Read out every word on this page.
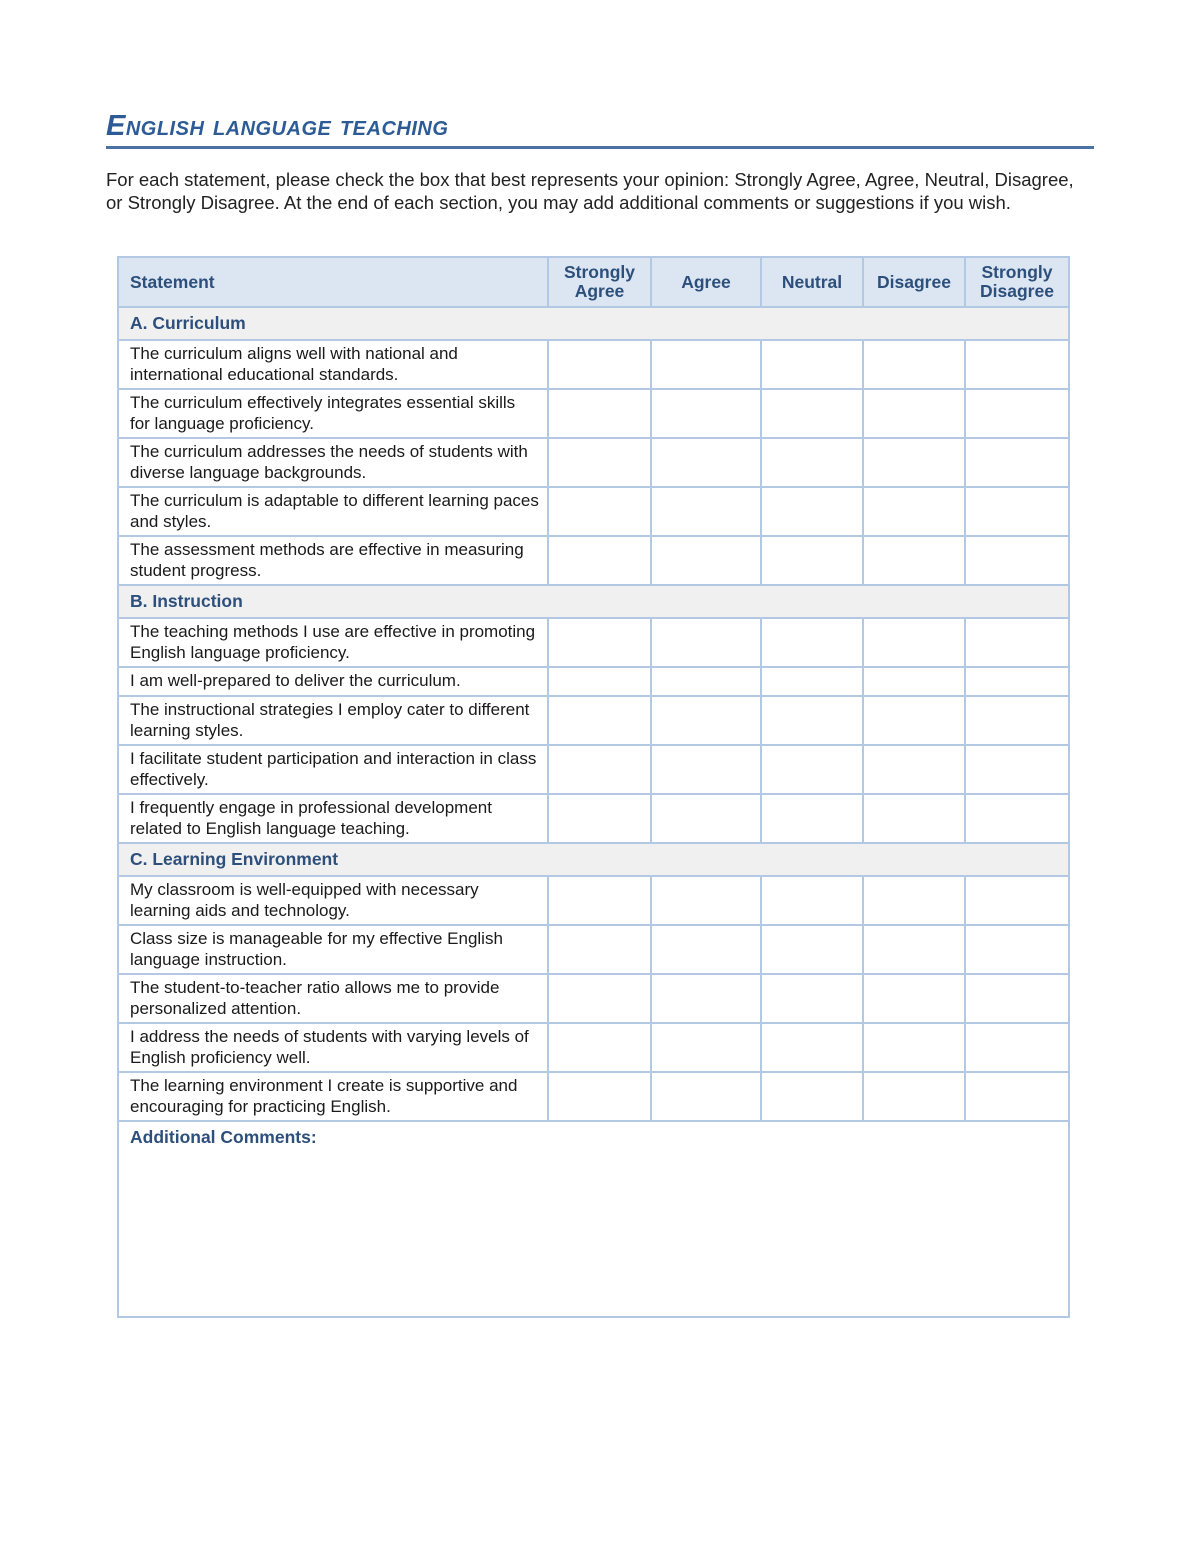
English language teaching

For each statement, please check the box that best represents your opinion: Strongly Agree, Agree, Neutral, Disagree, or Strongly Disagree. At the end of each section, you may add additional comments or suggestions if you wish.

Statement	Strongly Agree	Agree	Neutral	Disagree	Strongly Disagree
A. Curriculum					
The curriculum aligns well with national and international educational standards.					
The curriculum effectively integrates essential skills for language proficiency.					
The curriculum addresses the needs of students with diverse language backgrounds.					
The curriculum is adaptable to different learning paces and styles.					
The assessment methods are effective in measuring student progress.					
B. Instruction					
The teaching methods I use are effective in promoting English language proficiency.					
I am well-prepared to deliver the curriculum.					
The instructional strategies I employ cater to different learning styles.					
I facilitate student participation and interaction in class effectively.					
I frequently engage in professional development related to English language teaching.					
C. Learning Environment					
My classroom is well-equipped with necessary learning aids and technology.					
Class size is manageable for my effective English language instruction.					
The student-to-teacher ratio allows me to provide personalized attention.					
I address the needs of students with varying levels of English proficiency well.					
The learning environment I create is supportive and encouraging for practicing English.					
Additional Comments:					
